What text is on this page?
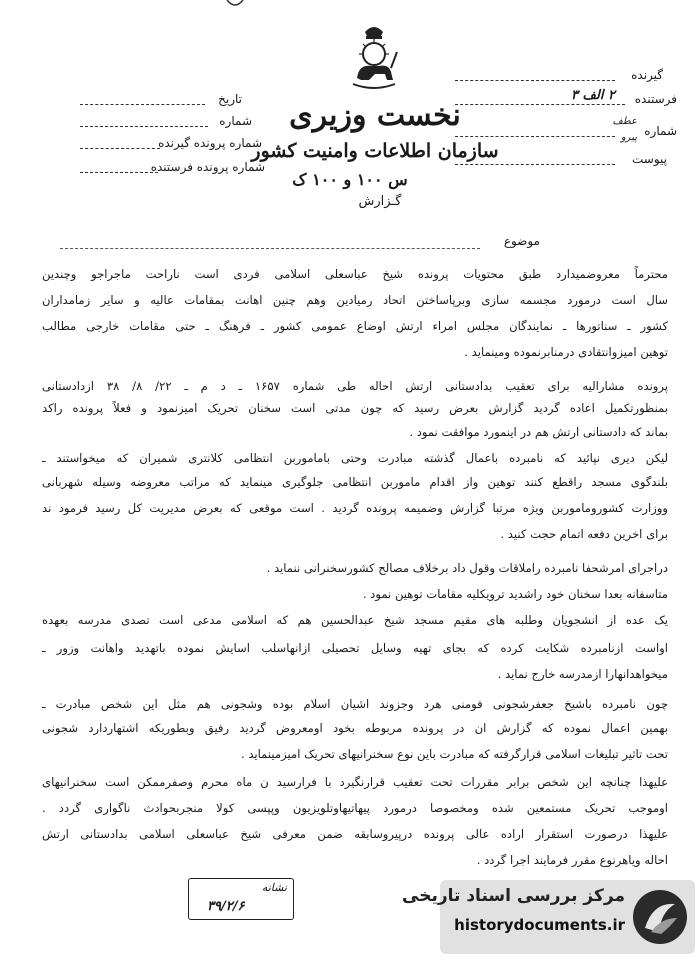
نخست وزیری
سازمان اطلاعات وامنیت کشور
س ۱۰۰ و ۱۰۰ ک
گـزارش
گیرنده
فرستنده
۲ الف ۳
شماره
عطف
پیرو
پیوست
تاریخ
شماره
شماره پرونده گیرنده
شماره پرونده فرستنده
موضوع
محترماً معروضمیدارد طبق محتویات پرونده شیخ عباسعلی اسلامی فردی است ناراحت ماجراجو وچندین
سال است درمورد مجسمه سازی وبرپاساختن اتحاد رمیادین وهم چنین اهانت بمقامات عالیه و سایر زمامداران
کشور ـ سناتورها ـ نمایندگان مجلس امراء ارتش اوضاع عمومی کشور ـ فرهنگ ـ حتی مقامات خارجی مطالب
توهین امیزوانتقادی درمنابرنموده ومینماید .
پرونده مشارالیه برای تعقیب بدادستانی ارتش احاله طی شماره ۱۶۵۷ ـ د م ـ ۲۲/ ۸/ ۳۸ ازدادستانی
بمنظورتکمیل اعاده گردید گزارش بعرض رسید که چون مدتی است سخنان تحریک امیزنمود و فعلاً پرونده راکد
بماند که دادستانی ارتش هم در اینمورد موافقت نمود .
لیکن دیری نپائید که نامبرده باعمال گذشته مبادرت وحتی باماموربن انتظامی کلانتری شمیران که میخواستند ـ
بلندگوی مسجد راقطع کنند توهین واز اقدام ماموربن انتظامی جلوگیری مینماید که مراتب معروضه وسیله شهربانی
ووزارت کشوروماموربن ویژه مرتبا گزارش وضمیمه پرونده گردید . است موقعی که بعرض مدیریت کل رسید فرمود ند
برای اخرین دفعه اتمام حجت کنید .
دراجرای امرشحفا نامبرده راملاقات وقول داد برخلاف مصالح کشورسخنرانی ننماید .
متاسفانه بعدا سخنان خود راشدید ترویکلیه مقامات توهین نمود .
یک عده از انشجویان وطلبه های مقیم مسجد شیخ عبدالحسین هم که اسلامی مدعی است تصدی مدرسه بعهده
اواست ازنامبرده شکایت کرده که بجای تهیه وسایل تحصیلی ازانهاسلب اسایش نموده باتهدید واهانت وزور ـ
میخواهدانهارا ازمدرسه خارج نماید .
چون نامبرده باشیخ جعفرشجونی فومنی هرد وجزوند اشیان اسلام بوده وشجونی هم مثل این شخص مبادرت ـ
بهمین اعمال نموده که گزارش ان در پرونده مربوطه بخود اومعروض گردید رفیق وبطوریکه اشتهاردارد شجونی
تحت تاثیر تبلیغات اسلامی قرارگرفته که مبادرت باین نوع سخنرانیهای تحریک امیزمینماید .
علیهذا چنانچه این شخص برابر مقررات تحت تعقیب قرارنگیرد با فرارسید ن ماه محرم وصفرممکن است سخنرانیهای
اوموجب تحریک مستمعین شده ومخصوصا درمورد پیهاتیهاوتلویزیون وپپسی کولا منجربحوادث ناگواری گردد .
علیهذا درصورت استقرار اراده عالی پرونده درپیروسابقه ضمن معرفی شیخ عباسعلی اسلامی بدادستانی ارتش
احاله ویاهرنوع مقرر فرمایند اجرا گردد .
نشانه
۳۹/۲/۶
مرکز بررسی اسناد تاریخی
historydocuments.ir
